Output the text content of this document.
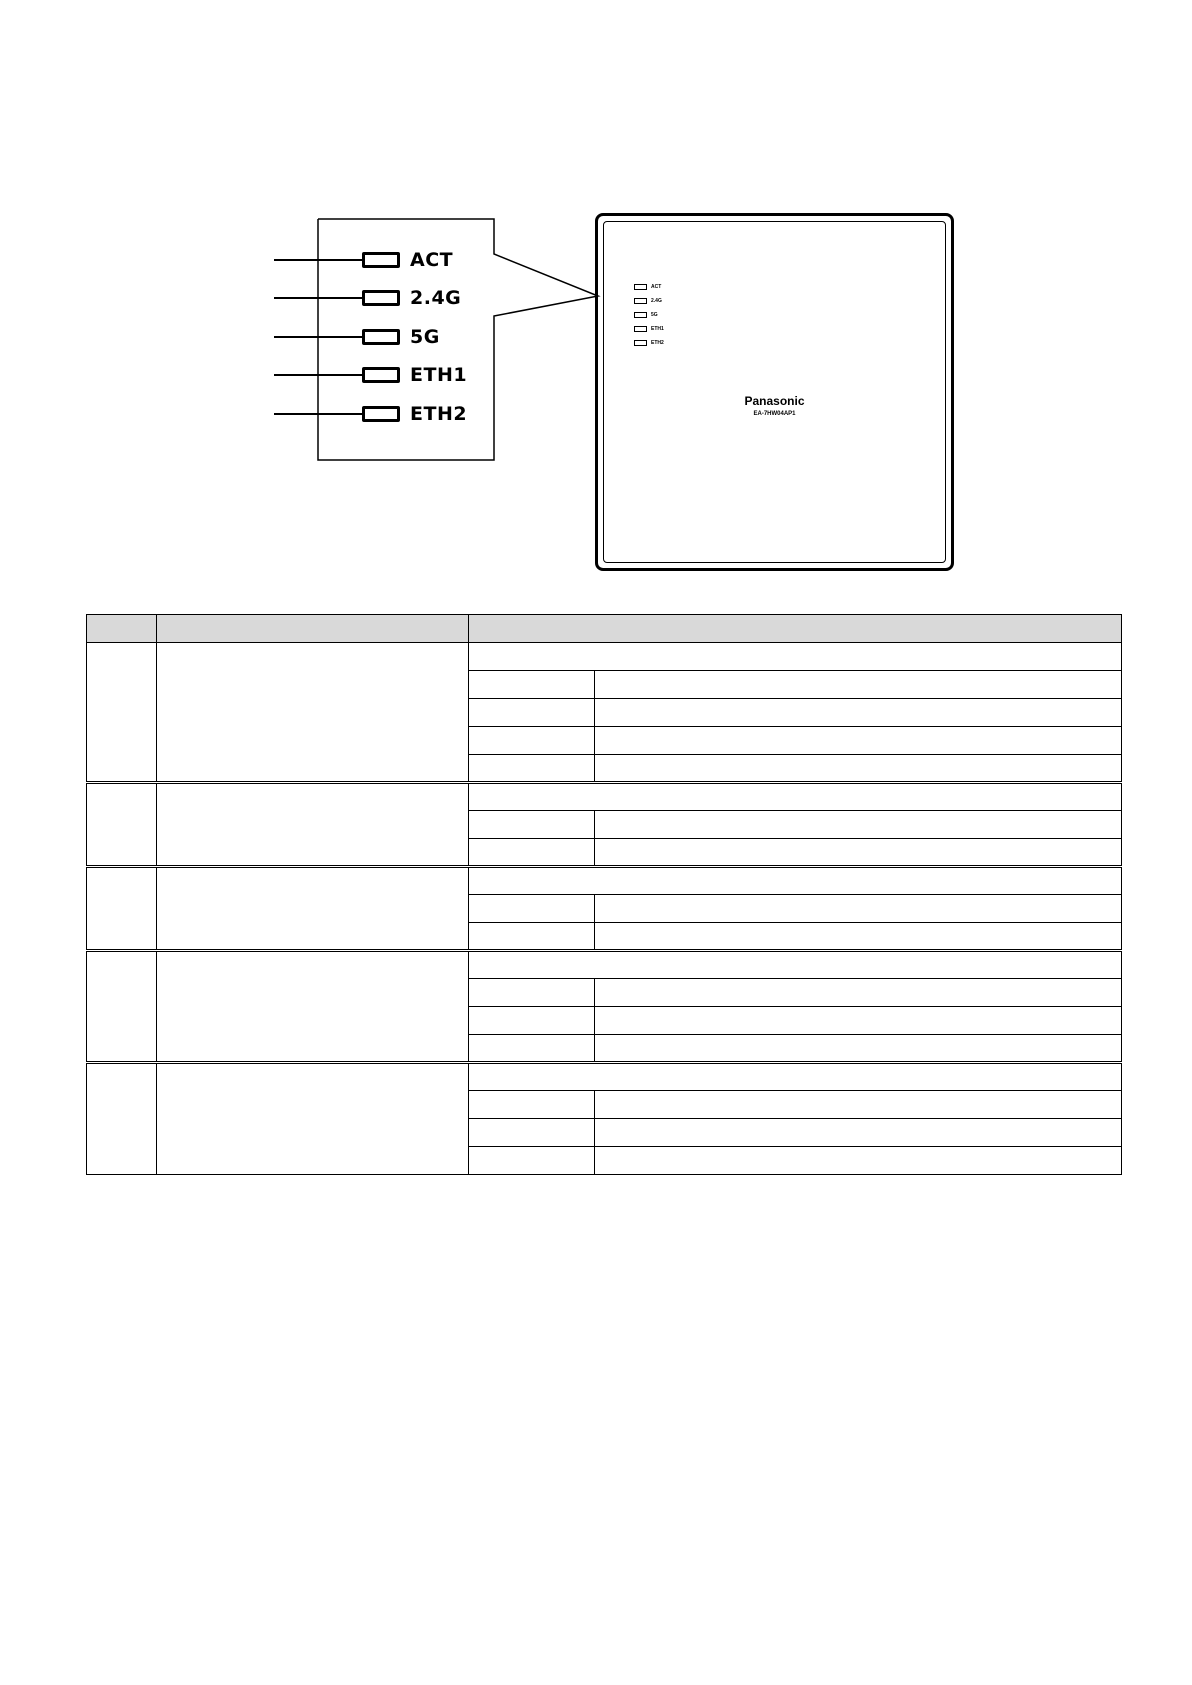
ACT
2.4G
5G
ETH1
ETH2
ACT
2.4G
5G
ETH1
ETH2
Panasonic
EA-7HW04AP1
